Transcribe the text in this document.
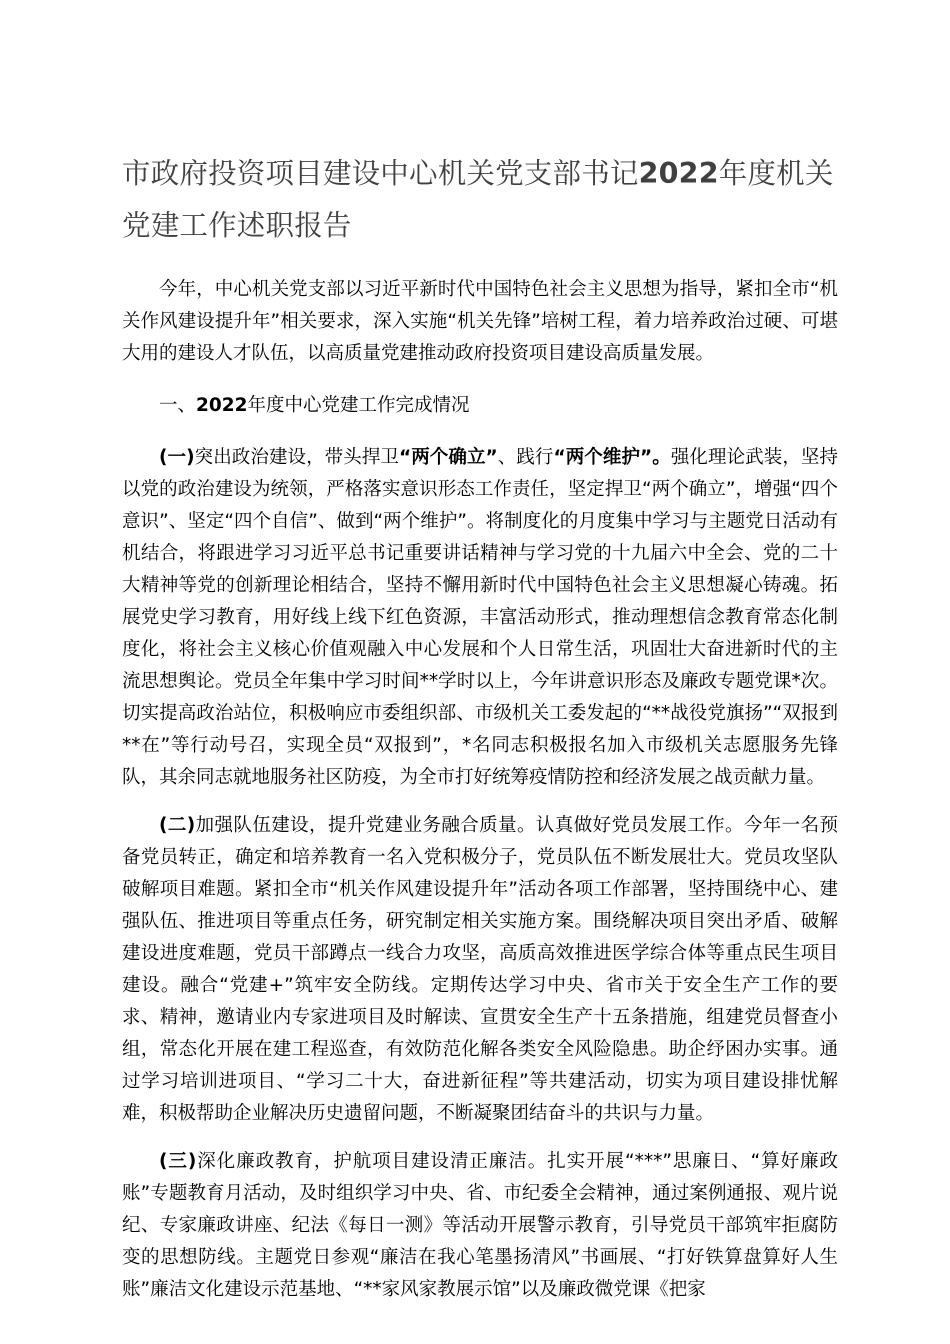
市政府投资项目建设中心机关党支部书记2022年度机关党建工作述职报告

今年，中心机关党支部以习近平新时代中国特色社会主义思想为指导，紧扣全市“机关作风建设提升年”相关要求，深入实施“机关先锋”培树工程，着力培养政治过硬、可堪大用的建设人才队伍，以高质量党建推动政府投资项目建设高质量发展。

一、2022年度中心党建工作完成情况

(一)突出政治建设，带头捍卫“两个确立”、践行“两个维护”。强化理论武装，坚持以党的政治建设为统领，严格落实意识形态工作责任，坚定捍卫“两个确立”，增强“四个意识”、坚定“四个自信”、做到“两个维护”。将制度化的月度集中学习与主题党日活动有机结合，将跟进学习习近平总书记重要讲话精神与学习党的十九届六中全会、党的二十大精神等党的创新理论相结合，坚持不懈用新时代中国特色社会主义思想凝心铸魂。拓展党史学习教育，用好线上线下红色资源，丰富活动形式，推动理想信念教育常态化制度化，将社会主义核心价值观融入中心发展和个人日常生活，巩固壮大奋进新时代的主流思想舆论。党员全年集中学习时间**学时以上，今年讲意识形态及廉政专题党课*次。切实提高政治站位，积极响应市委组织部、市级机关工委发起的“**战役党旗扬”“双报到**在”等行动号召，实现全员“双报到”，*名同志积极报名加入市级机关志愿服务先锋队，其余同志就地服务社区防疫，为全市打好统筹疫情防控和经济发展之战贡献力量。

(二)加强队伍建设，提升党建业务融合质量。认真做好党员发展工作。今年一名预备党员转正，确定和培养教育一名入党积极分子，党员队伍不断发展壮大。党员攻坚队破解项目难题。紧扣全市“机关作风建设提升年”活动各项工作部署，坚持围绕中心、建强队伍、推进项目等重点任务，研究制定相关实施方案。围绕解决项目突出矛盾、破解建设进度难题，党员干部蹲点一线合力攻坚，高质高效推进医学综合体等重点民生项目建设。融合“党建+”筑牢安全防线。定期传达学习中央、省市关于安全生产工作的要求、精神，邀请业内专家进项目及时解读、宣贯安全生产十五条措施，组建党员督查小组，常态化开展在建工程巡查，有效防范化解各类安全风险隐患。助企纾困办实事。通过学习培训进项目、“学习二十大，奋进新征程”等共建活动，切实为项目建设排忧解难，积极帮助企业解决历史遗留问题，不断凝聚团结奋斗的共识与力量。

(三)深化廉政教育，护航项目建设清正廉洁。扎实开展“***”思廉日、“算好廉政账”专题教育月活动，及时组织学习中央、省、市纪委全会精神，通过案例通报、观片说纪、专家廉政讲座、纪法《每日一测》等活动开展警示教育，引导党员干部筑牢拒腐防变的思想防线。主题党日参观“廉洁在我心笔墨扬清风”书画展、“打好铁算盘算好人生账”廉洁文化建设示范基地、“**家风家教展示馆”以及廉政微党课《把家
